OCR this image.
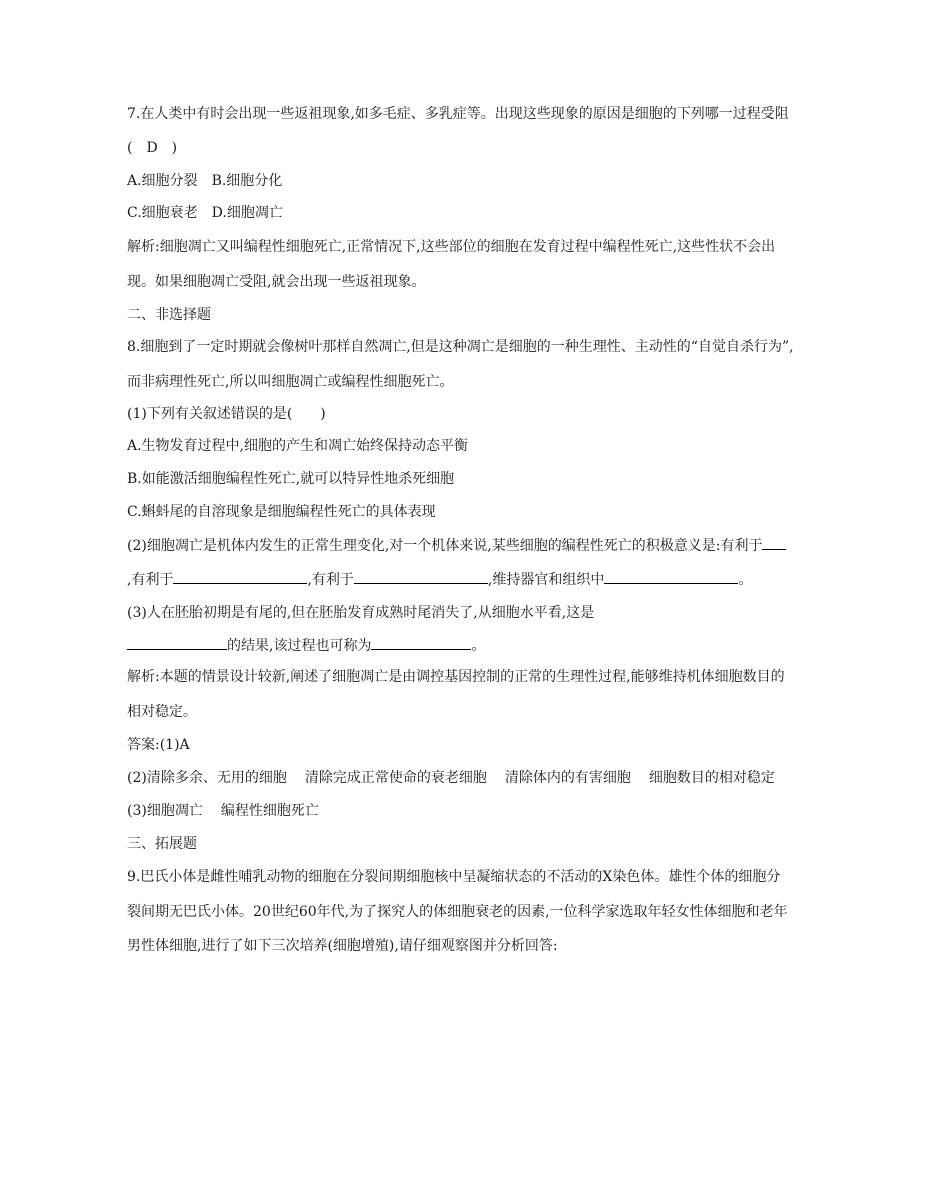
7.在人类中有时会出现一些返祖现象,如多毛症、多乳症等。出现这些现象的原因是细胞的下列哪一过程受阻
(　D　)
A.细胞分裂 B.细胞分化
C.细胞衰老 D.细胞凋亡
解析:细胞凋亡又叫编程性细胞死亡,正常情况下,这些部位的细胞在发育过程中编程性死亡,这些性状不会出
现。如果细胞凋亡受阻,就会出现一些返祖现象。
二、非选择题
8.细胞到了一定时期就会像树叶那样自然凋亡,但是这种凋亡是细胞的一种生理性、主动性的“自觉自杀行为”,
而非病理性死亡,所以叫细胞凋亡或编程性细胞死亡。
(1)下列有关叙述错误的是(　　)
A.生物发育过程中,细胞的产生和凋亡始终保持动态平衡
B.如能激活细胞编程性死亡,就可以特异性地杀死细胞
C.蝌蚪尾的自溶现象是细胞编程性死亡的具体表现
(2)细胞凋亡是机体内发生的正常生理变化,对一个机体来说,某些细胞的编程性死亡的积极意义是:有利于
,有利于	,有利于	,维持器官和组织中	。
(3)人在胚胎初期是有尾的,但在胚胎发育成熟时尾消失了,从细胞水平看,这是
的结果,该过程也可称为	。
解析:本题的情景设计较新,阐述了细胞凋亡是由调控基因控制的正常的生理性过程,能够维持机体细胞数目的
相对稳定。
答案:(1)A
(2)清除多余、无用的细胞 清除完成正常使命的衰老细胞 清除体内的有害细胞 细胞数目的相对稳定
(3)细胞凋亡 编程性细胞死亡
三、拓展题
9.巴氏小体是雌性哺乳动物的细胞在分裂间期细胞核中呈凝缩状态的不活动的X染色体。雄性个体的细胞分
裂间期无巴氏小体。20世纪60年代,为了探究人的体细胞衰老的因素,一位科学家选取年轻女性体细胞和老年
男性体细胞,进行了如下三次培养(细胞增殖),请仔细观察图并分析回答:
